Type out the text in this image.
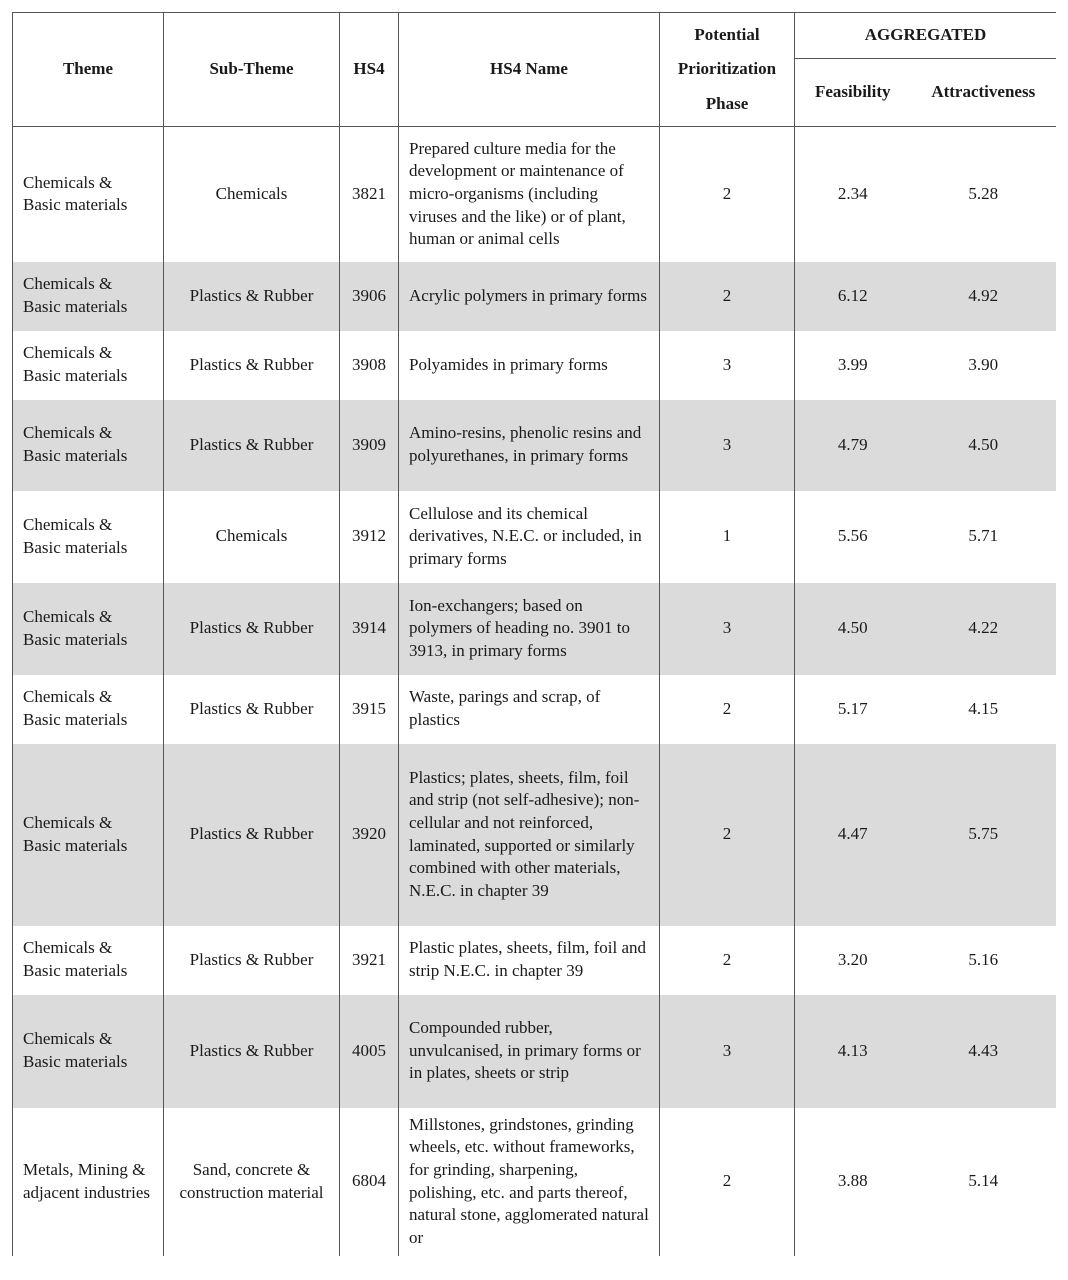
Theme	Sub-Theme	HS4	HS4 Name	Potential
Prioritization
Phase	AGGREGATED	
					Feasibility	Attractiveness
Chemicals & Basic materials	Chemicals	3821	Prepared culture media for the development or maintenance of micro-organisms (including viruses and the like) or of plant, human or animal cells	2	2.34	5.28
Chemicals & Basic materials	Plastics & Rubber	3906	Acrylic polymers in primary forms	2	6.12	4.92
Chemicals & Basic materials	Plastics & Rubber	3908	Polyamides in primary forms	3	3.99	3.90
Chemicals & Basic materials	Plastics & Rubber	3909	Amino-resins, phenolic resins and polyurethanes, in primary forms	3	4.79	4.50
Chemicals & Basic materials	Chemicals	3912	Cellulose and its chemical derivatives, N.E.C. or included, in primary forms	1	5.56	5.71
Chemicals & Basic materials	Plastics & Rubber	3914	Ion-exchangers; based on polymers of heading no. 3901 to 3913, in primary forms	3	4.50	4.22
Chemicals & Basic materials	Plastics & Rubber	3915	Waste, parings and scrap, of plastics	2	5.17	4.15
Chemicals & Basic materials	Plastics & Rubber	3920	Plastics; plates, sheets, film, foil and strip (not self-adhesive); non-cellular and not reinforced, laminated, supported or similarly combined with other materials, N.E.C. in chapter 39	2	4.47	5.75
Chemicals & Basic materials	Plastics & Rubber	3921	Plastic plates, sheets, film, foil and strip N.E.C. in chapter 39	2	3.20	5.16
Chemicals & Basic materials	Plastics & Rubber	4005	Compounded rubber, unvulcanised, in primary forms or in plates, sheets or strip	3	4.13	4.43
Metals, Mining & adjacent industries	Sand, concrete & construction material	6804	Millstones, grindstones, grinding wheels, etc. without frameworks, for grinding, sharpening, polishing, etc. and parts thereof, natural stone, agglomerated natural or	2	3.88	5.14
